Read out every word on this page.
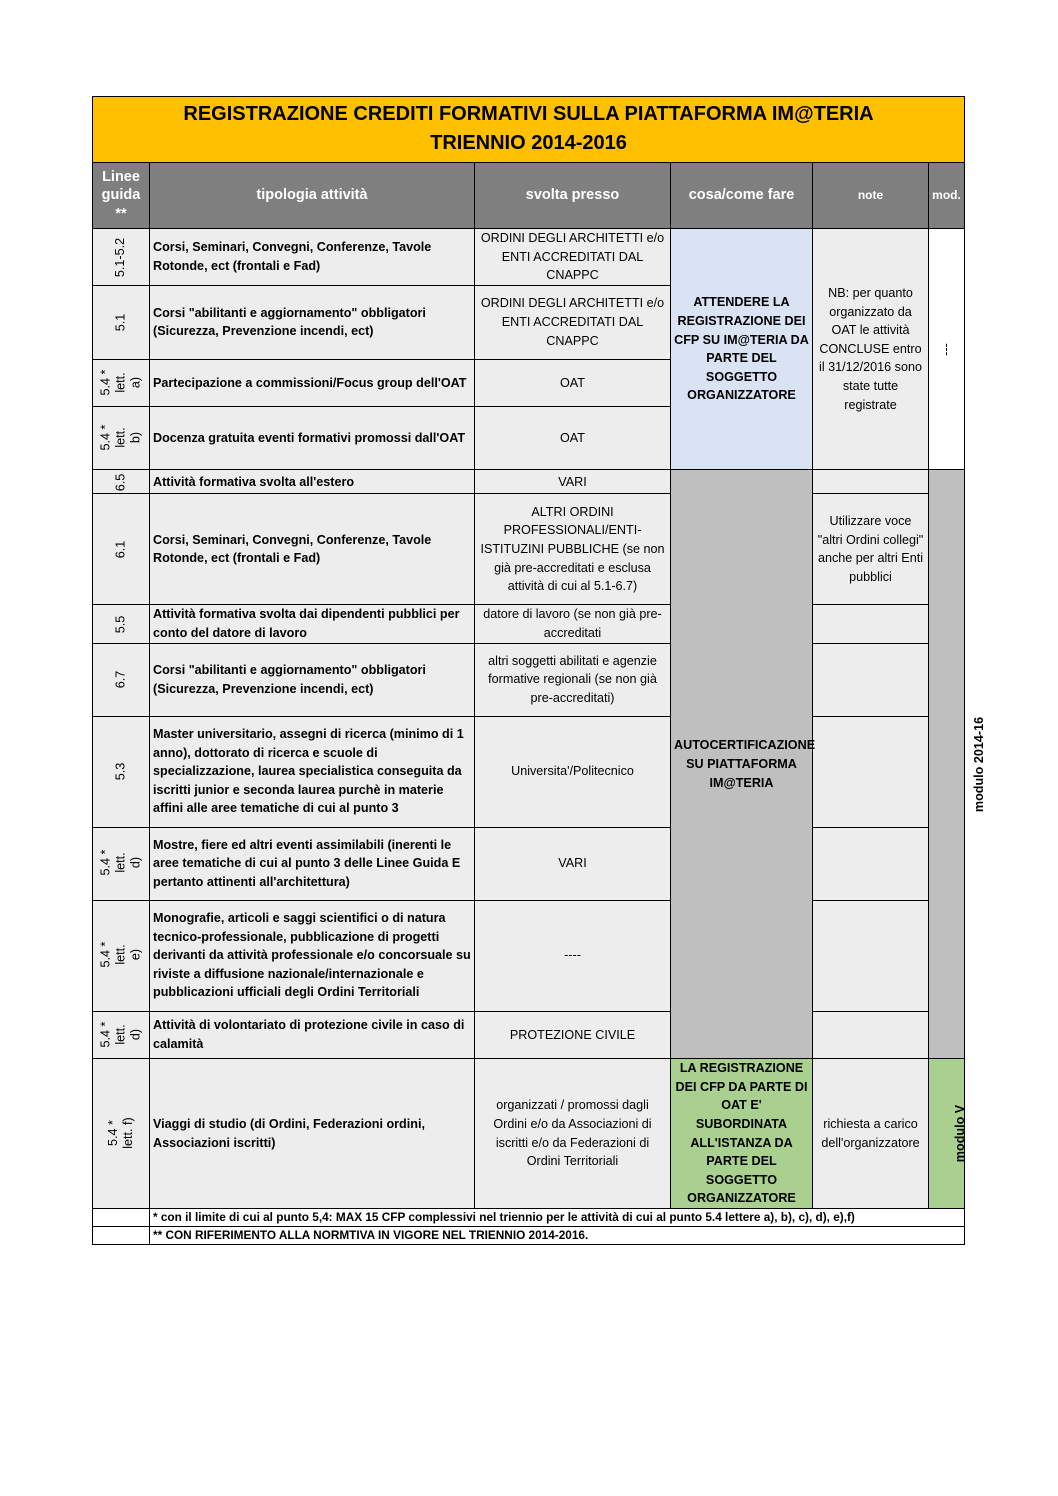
REGISTRAZIONE CREDITI FORMATIVI SULLA PIATTAFORMA IM@TERIA
TRIENNIO 2014-2016					

Linee guida **	tipologia attività	svolta presso	cosa/come fare	note	mod.
5.1-5.2	Corsi, Seminari, Convegni, Conferenze, Tavole Rotonde, ect (frontali e Fad)	ORDINI DEGLI ARCHITETTI e/o ENTI ACCREDITATI DAL CNAPPC	ATTENDERE LA REGISTRAZIONE DEI CFP SU IM@TERIA DA PARTE DEL SOGGETTO ORGANIZZATORE	NB: per quanto organizzato da OAT le attività CONCLUSE entro il 31/12/2016 sono state tutte registrate	---
5.1	Corsi "abilitanti e aggiornamento" obbligatori (Sicurezza, Prevenzione incendi, ect)	ORDINI DEGLI ARCHITETTI e/o ENTI ACCREDITATI DAL CNAPPC			
5.4 * lett. a)	Partecipazione a commissioni/Focus group dell'OAT	OAT			
5.4 * lett. b)	Docenza gratuita eventi formativi promossi dall'OAT	OAT			
6.5	Attività formativa svolta all'estero	VARI	AUTOCERTIFICAZIONE SU PIATTAFORMA IM@TERIA		modulo 2014-16
6.1	Corsi, Seminari, Convegni, Conferenze, Tavole Rotonde, ect (frontali e Fad)	ALTRI ORDINI PROFESSIONALI/ENTI-ISTITUZINI PUBBLICHE (se non già pre-accreditati e esclusa attività di cui al 5.1-6.7)		Utilizzare voce "altri Ordini collegi" anche per altri Enti pubblici	
5.5	Attività formativa svolta dai dipendenti pubblici per conto del datore di lavoro	datore di lavoro (se non già pre-accreditati			
6.7	Corsi "abilitanti e aggiornamento" obbligatori (Sicurezza, Prevenzione incendi, ect)	altri soggetti abilitati e agenzie formative regionali (se non già pre-accreditati)			
5.3	Master universitario, assegni di ricerca (minimo di 1 anno), dottorato di ricerca e scuole di specializzazione, laurea specialistica conseguita da iscritti junior e seconda laurea purchè in materie affini alle aree tematiche di cui al punto 3	Universita'/Politecnico			
5.4 * lett. d)	Mostre, fiere ed altri eventi assimilabili (inerenti le aree tematiche di cui al punto 3 delle Linee Guida E pertanto attinenti all'architettura)	VARI			
5.4 * lett. e)	Monografie, articoli e saggi scientifici o di natura tecnico-professionale, pubblicazione di progetti derivanti da attività professionale e/o concorsuale su riviste a diffusione nazionale/internazionale e pubblicazioni ufficiali degli Ordini Territoriali	----			
5.4 * lett. d)	Attività di volontariato di protezione civile in caso di calamità	PROTEZIONE CIVILE			
5.4 * lett. f)	Viaggi di studio (di Ordini, Federazioni ordini, Associazioni iscritti)	organizzati / promossi dagli Ordini e/o da Associazioni di iscritti e/o da Federazioni di Ordini Territoriali	LA REGISTRAZIONE DEI CFP DA PARTE DI OAT E' SUBORDINATA ALL'ISTANZA DA PARTE DEL SOGGETTO ORGANIZZATORE	richiesta a carico dell'organizzatore	modulo V
	* con il limite di cui al punto 5,4: MAX 15 CFP complessivi nel triennio per le attività di cui al punto 5.4 lettere a), b), c), d), e),f)				
	** CON RIFERIMENTO ALLA NORMTIVA IN VIGORE NEL TRIENNIO 2014-2016.				
